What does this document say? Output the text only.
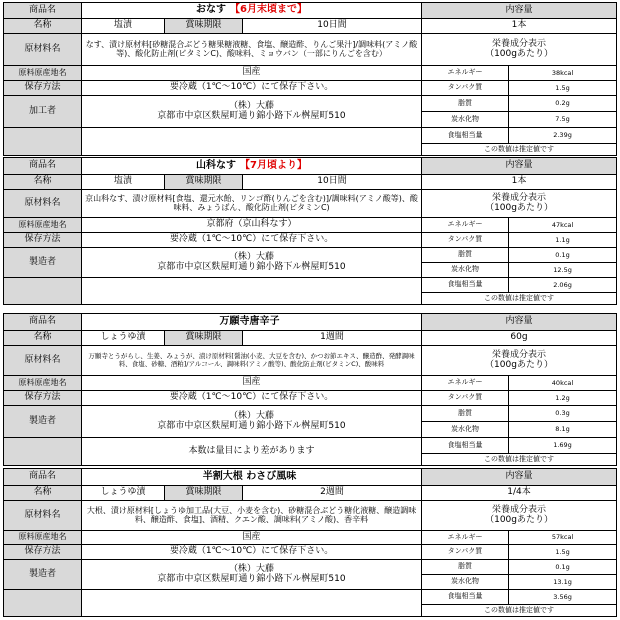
商品名	おなす 【6月末頃まで】			内容量	
名称	塩漬	賞味期限	10日間	1本	
原材料名	なす、漬け原材料[砂糖混合ぶどう糖果糖液糖、食塩、醸造酢、りんご果汁]/調味料(アミノ酸等)、酸化防止剤(ビタミンC)、酸味料、ミョウバン（一部にりんごを含む）			栄養成分表示
（100gあたり）	

原料原産地名	国産			エネルギー	38kcal
保存方法	要冷蔵（1℃～10℃）にて保存下さい。			タンパク質	1.5g
加工者	（株）大藤
京都市中京区麩屋町通り錦小路下ル桝屋町510			脂質	0.2g
				炭水化物	7.5g
				食塩相当量	2.39g
				この数値は推定値です	
商品名	山科なす 【7月頃より】			内容量	
名称	塩漬	賞味期限	10日間	1本	
原材料名	京山科なす、漬け原材料[食塩、還元水飴、リンゴ酢(りんごを含む)]/調味料(アミノ酸等)、酸味料、みょうばん、酸化防止剤(ビタミンC)			栄養成分表示
（100gあたり）	

原料原産地名	京都府（京山科なす）			エネルギー	47kcal
保存方法	要冷蔵（1℃～10℃）にて保存下さい。			タンパク質	1.1g
製造者	（株）大藤
京都市中京区麩屋町通り錦小路下ル桝屋町510			脂質	0.1g
				炭水化物	12.5g
				食塩相当量	2.06g
				この数値は推定値です	
商品名	万願寺唐辛子			内容量	
名称	しょうゆ漬	賞味期限	1週間	60g	
原材料名	万願寺とうがらし、生姜、みょうが、漬け原材料[醤油(小麦、大豆を含む)、かつお節エキス、醸造酢、発酵調味料、食塩、砂糖、酒粕]/アルコール、調味料(アミノ酸等)、酸化防止剤(ビタミンC)、酸味料			栄養成分表示
（100gあたり）	

原料原産地名	国産			エネルギー	40kcal
保存方法	要冷蔵（1℃～10℃）にて保存下さい。			タンパク質	1.2g
製造者	（株）大藤
京都市中京区麩屋町通り錦小路下ル桝屋町510			脂質	0.3g
				炭水化物	8.1g
	本数は量目により差があります			食塩相当量	1.69g
				この数値は推定値です	
商品名	半割大根 わさび風味			内容量	
名称	しょうゆ漬	賞味期限	2週間	1/4本	
原材料名	大根、漬け原材料[しょうゆ加工品(大豆、小麦を含む)、砂糖混合ぶどう糖化液糖、醸造調味料、醸造酢、食塩]、酒精、クエン酸、調味料(アミノ酸)、香辛料			栄養成分表示
（100gあたり）	

原料原産地名	国産			エネルギー	57kcal
保存方法	要冷蔵（1℃～10℃）にて保存下さい。			タンパク質	1.5g
製造者	（株）大藤
京都市中京区麩屋町通り錦小路下ル桝屋町510			脂質	0.1g
				炭水化物	13.1g
				食塩相当量	3.56g
				この数値は推定値です	
